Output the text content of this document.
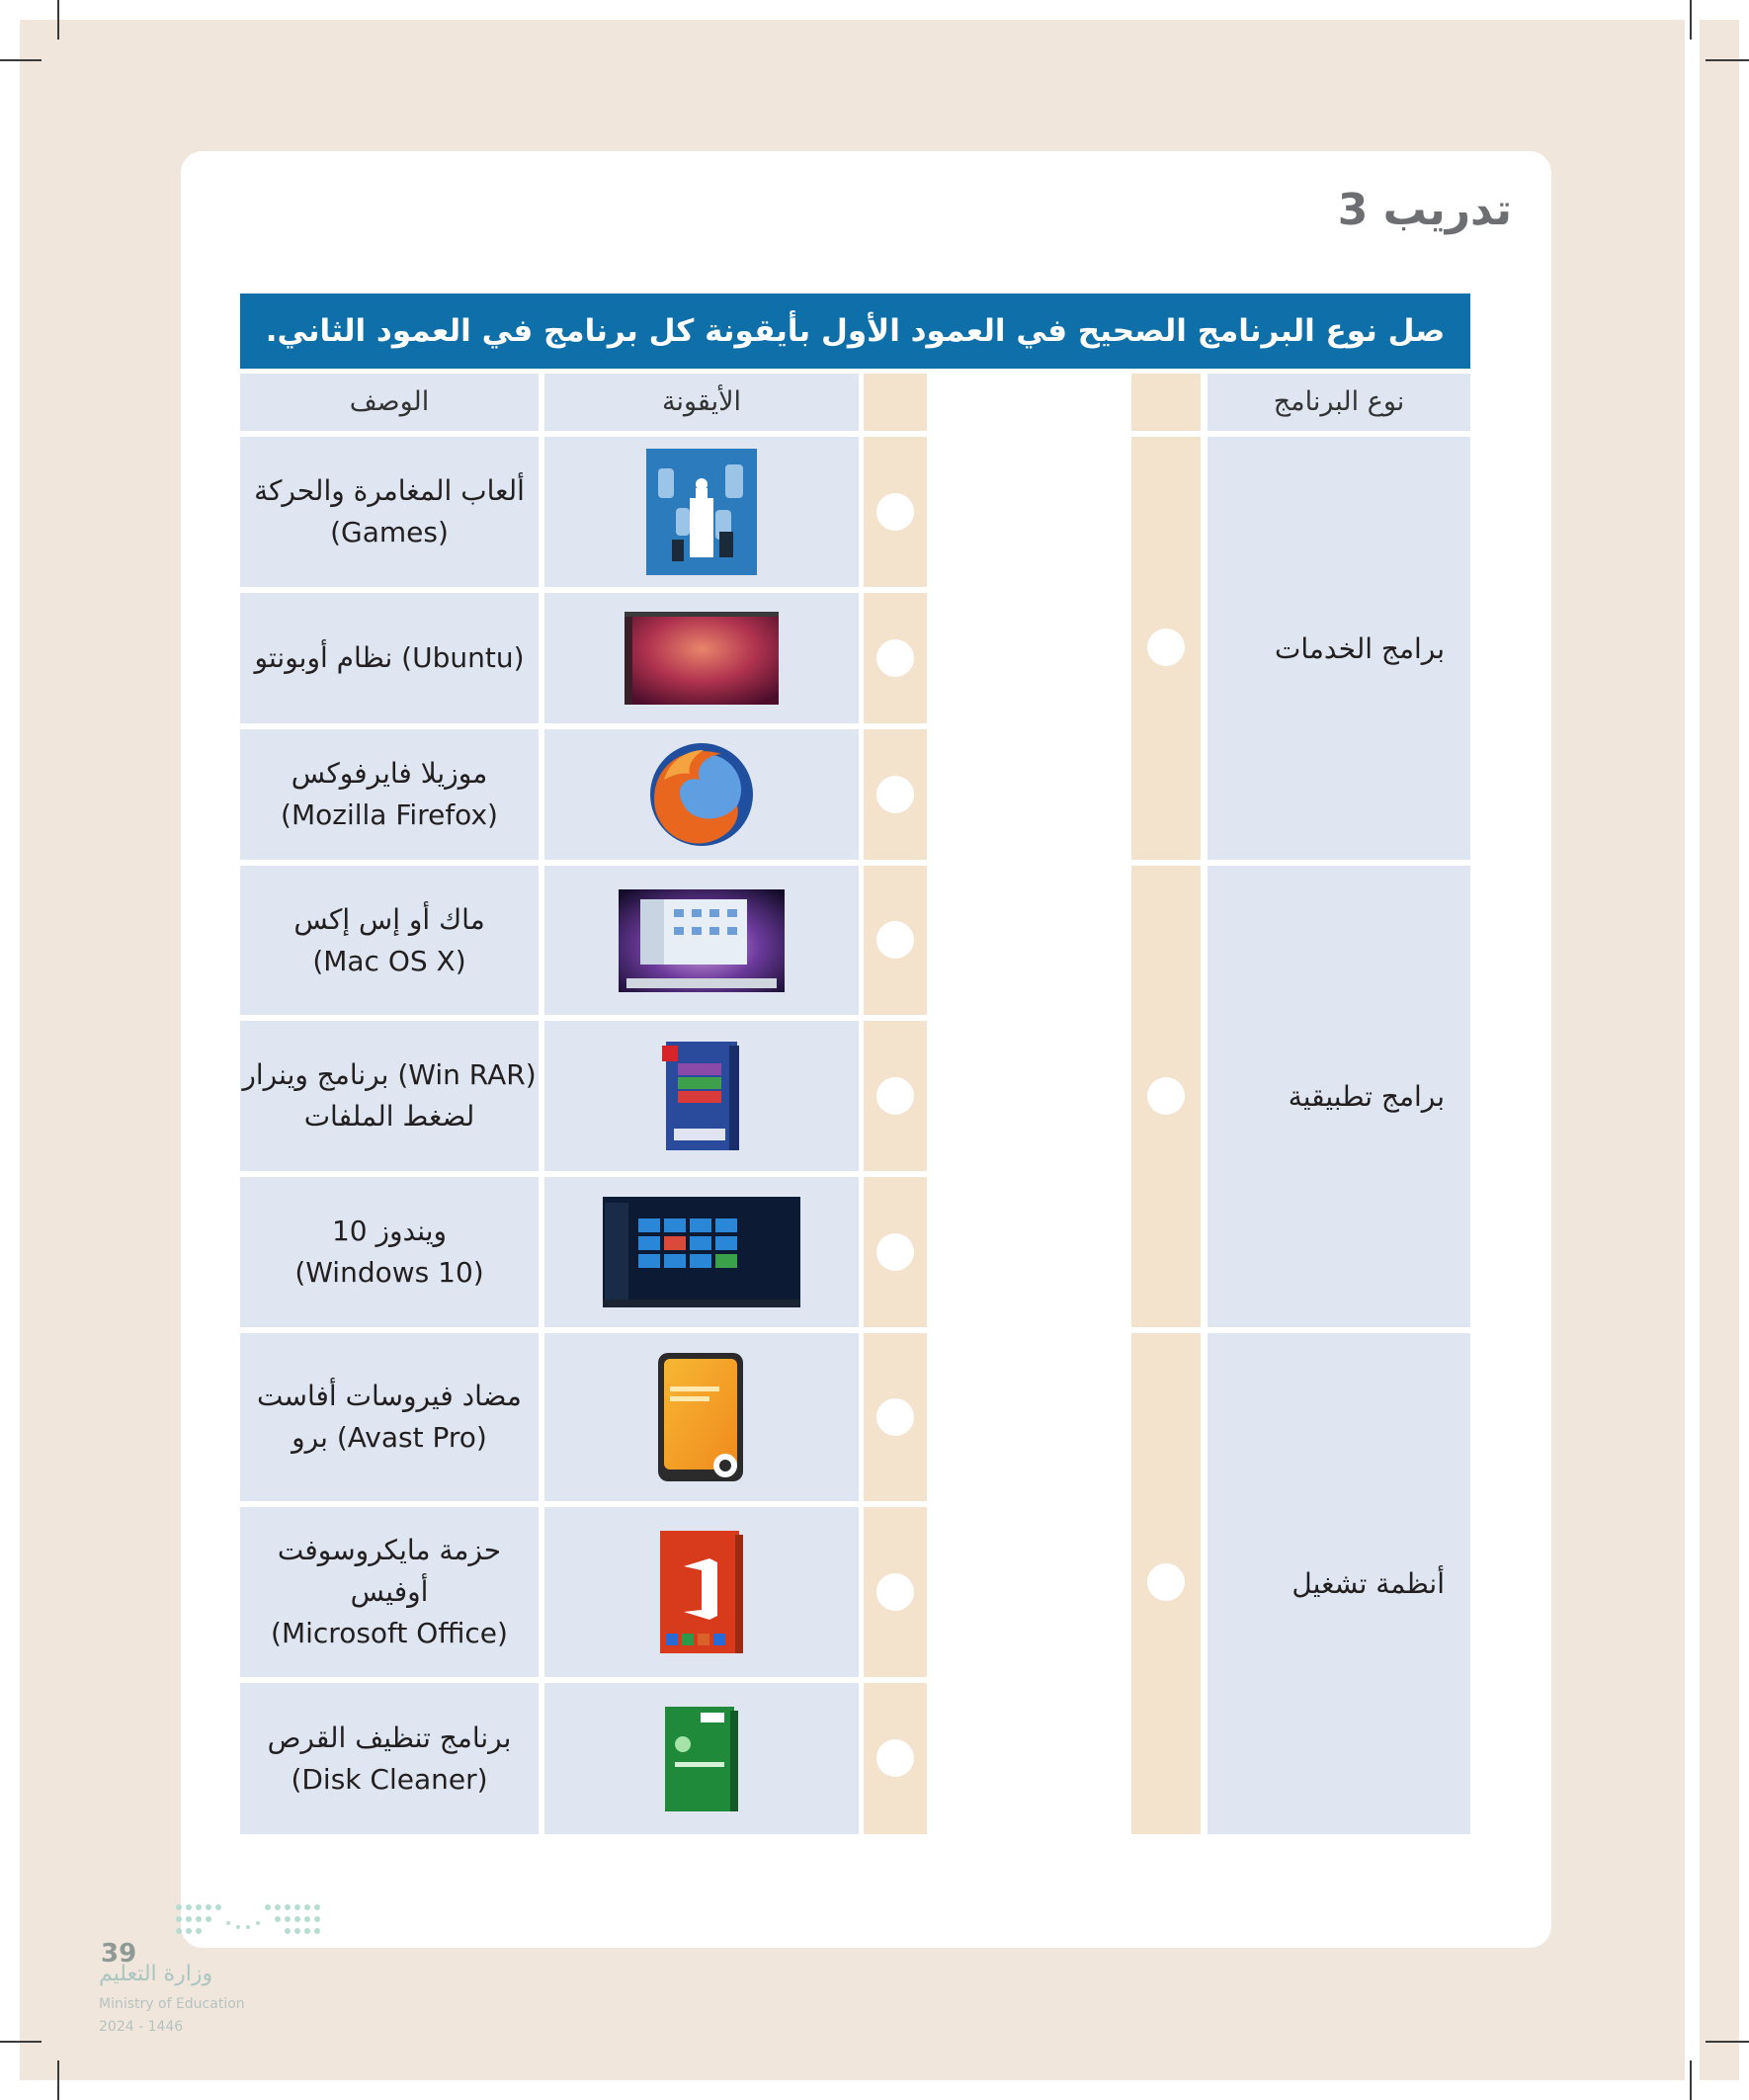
تدريب 3
صل نوع البرنامج الصحيح في العمود الأول بأيقونة كل برنامج في العمود الثاني.
الوصف	الأيقونة	نوع البرنامج
ألعاب المغامرة والحركة
(Games)
نظام أوبونتو (Ubuntu)
موزيلا فايرفوكس
(Mozilla Firefox)
ماك أو إس إكس
(Mac OS X)
برنامج وينرار (Win RAR)
لضغط الملفات
ويندوز 10
(Windows 10)
مضاد فيروسات أفاست
برو (Avast Pro)
حزمة مايكروسوفت
أوفيس
(Microsoft Office)
برنامج تنظيف القرص
(Disk Cleaner)
برامج الخدمات
برامج تطبيقية
أنظمة تشغيل
39
وزارة التعليم
Ministry of Education
2024 - 1446
